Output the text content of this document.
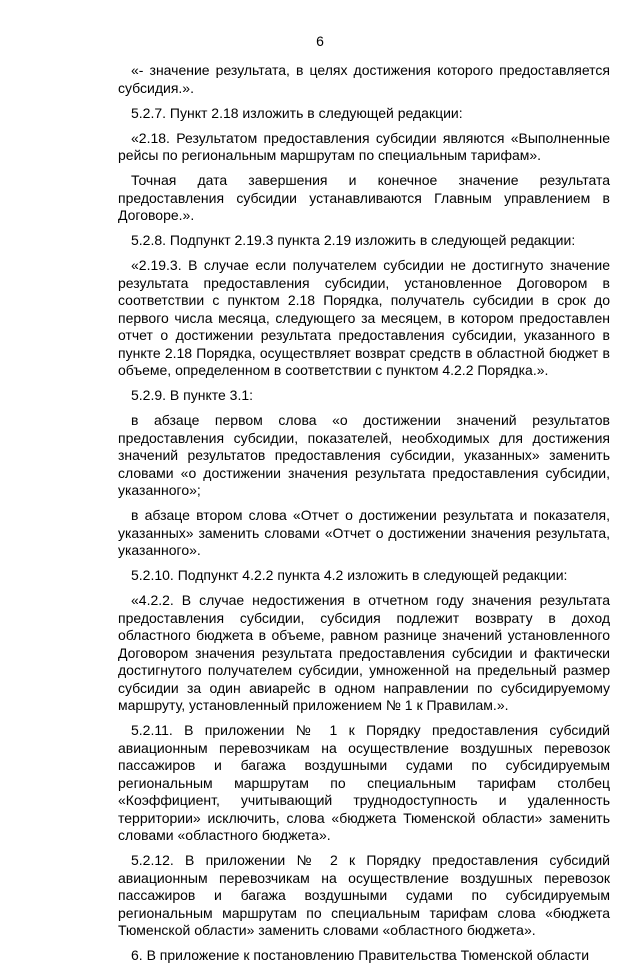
6

«- значение результата, в целях достижения которого предоставляется субсидия.».

5.2.7. Пункт 2.18 изложить в следующей редакции:

«2.18. Результатом предоставления субсидии являются «Выполненные рейсы по региональным маршрутам по специальным тарифам».

Точная дата завершения и конечное значение результата предоставления субсидии устанавливаются Главным управлением в Договоре.».

5.2.8. Подпункт 2.19.3 пункта 2.19 изложить в следующей редакции:

«2.19.3. В случае если получателем субсидии не достигнуто значение результата предоставления субсидии, установленное Договором в соответствии с пунктом 2.18 Порядка, получатель субсидии в срок до первого числа месяца, следующего за месяцем, в котором предоставлен отчет о достижении результата предоставления субсидии, указанного в пункте 2.18 Порядка, осуществляет возврат средств в областной бюджет в объеме, определенном в соответствии с пунктом 4.2.2 Порядка.».

5.2.9. В пункте 3.1:

в абзаце первом слова «о достижении значений результатов предоставления субсидии, показателей, необходимых для достижения значений результатов предоставления субсидии, указанных» заменить словами «о достижении значения результата предоставления субсидии, указанного»;

в абзаце втором слова «Отчет о достижении результата и показателя, указанных» заменить словами «Отчет о достижении значения результата, указанного».

5.2.10. Подпункт 4.2.2 пункта 4.2 изложить в следующей редакции:

«4.2.2. В случае недостижения в отчетном году значения результата предоставления субсидии, субсидия подлежит возврату в доход областного бюджета в объеме, равном разнице значений установленного Договором значения результата предоставления субсидии и фактически достигнутого получателем субсидии, умноженной на предельный размер субсидии за один авиарейс в одном направлении по субсидируемому маршруту, установленный приложением № 1 к Правилам.».

5.2.11. В приложении № 1 к Порядку предоставления субсидий авиационным перевозчикам на осуществление воздушных перевозок пассажиров и багажа воздушными судами по субсидируемым региональным маршрутам по специальным тарифам столбец «Коэффициент, учитывающий труднодоступность и удаленность территории» исключить, слова «бюджета Тюменской области» заменить словами «областного бюджета».

5.2.12. В приложении № 2 к Порядку предоставления субсидий авиационным перевозчикам на осуществление воздушных перевозок пассажиров и багажа воздушными судами по субсидируемым региональным маршрутам по специальным тарифам слова «бюджета Тюменской области» заменить словами «областного бюджета».

6. В приложение к постановлению Правительства Тюменской области
